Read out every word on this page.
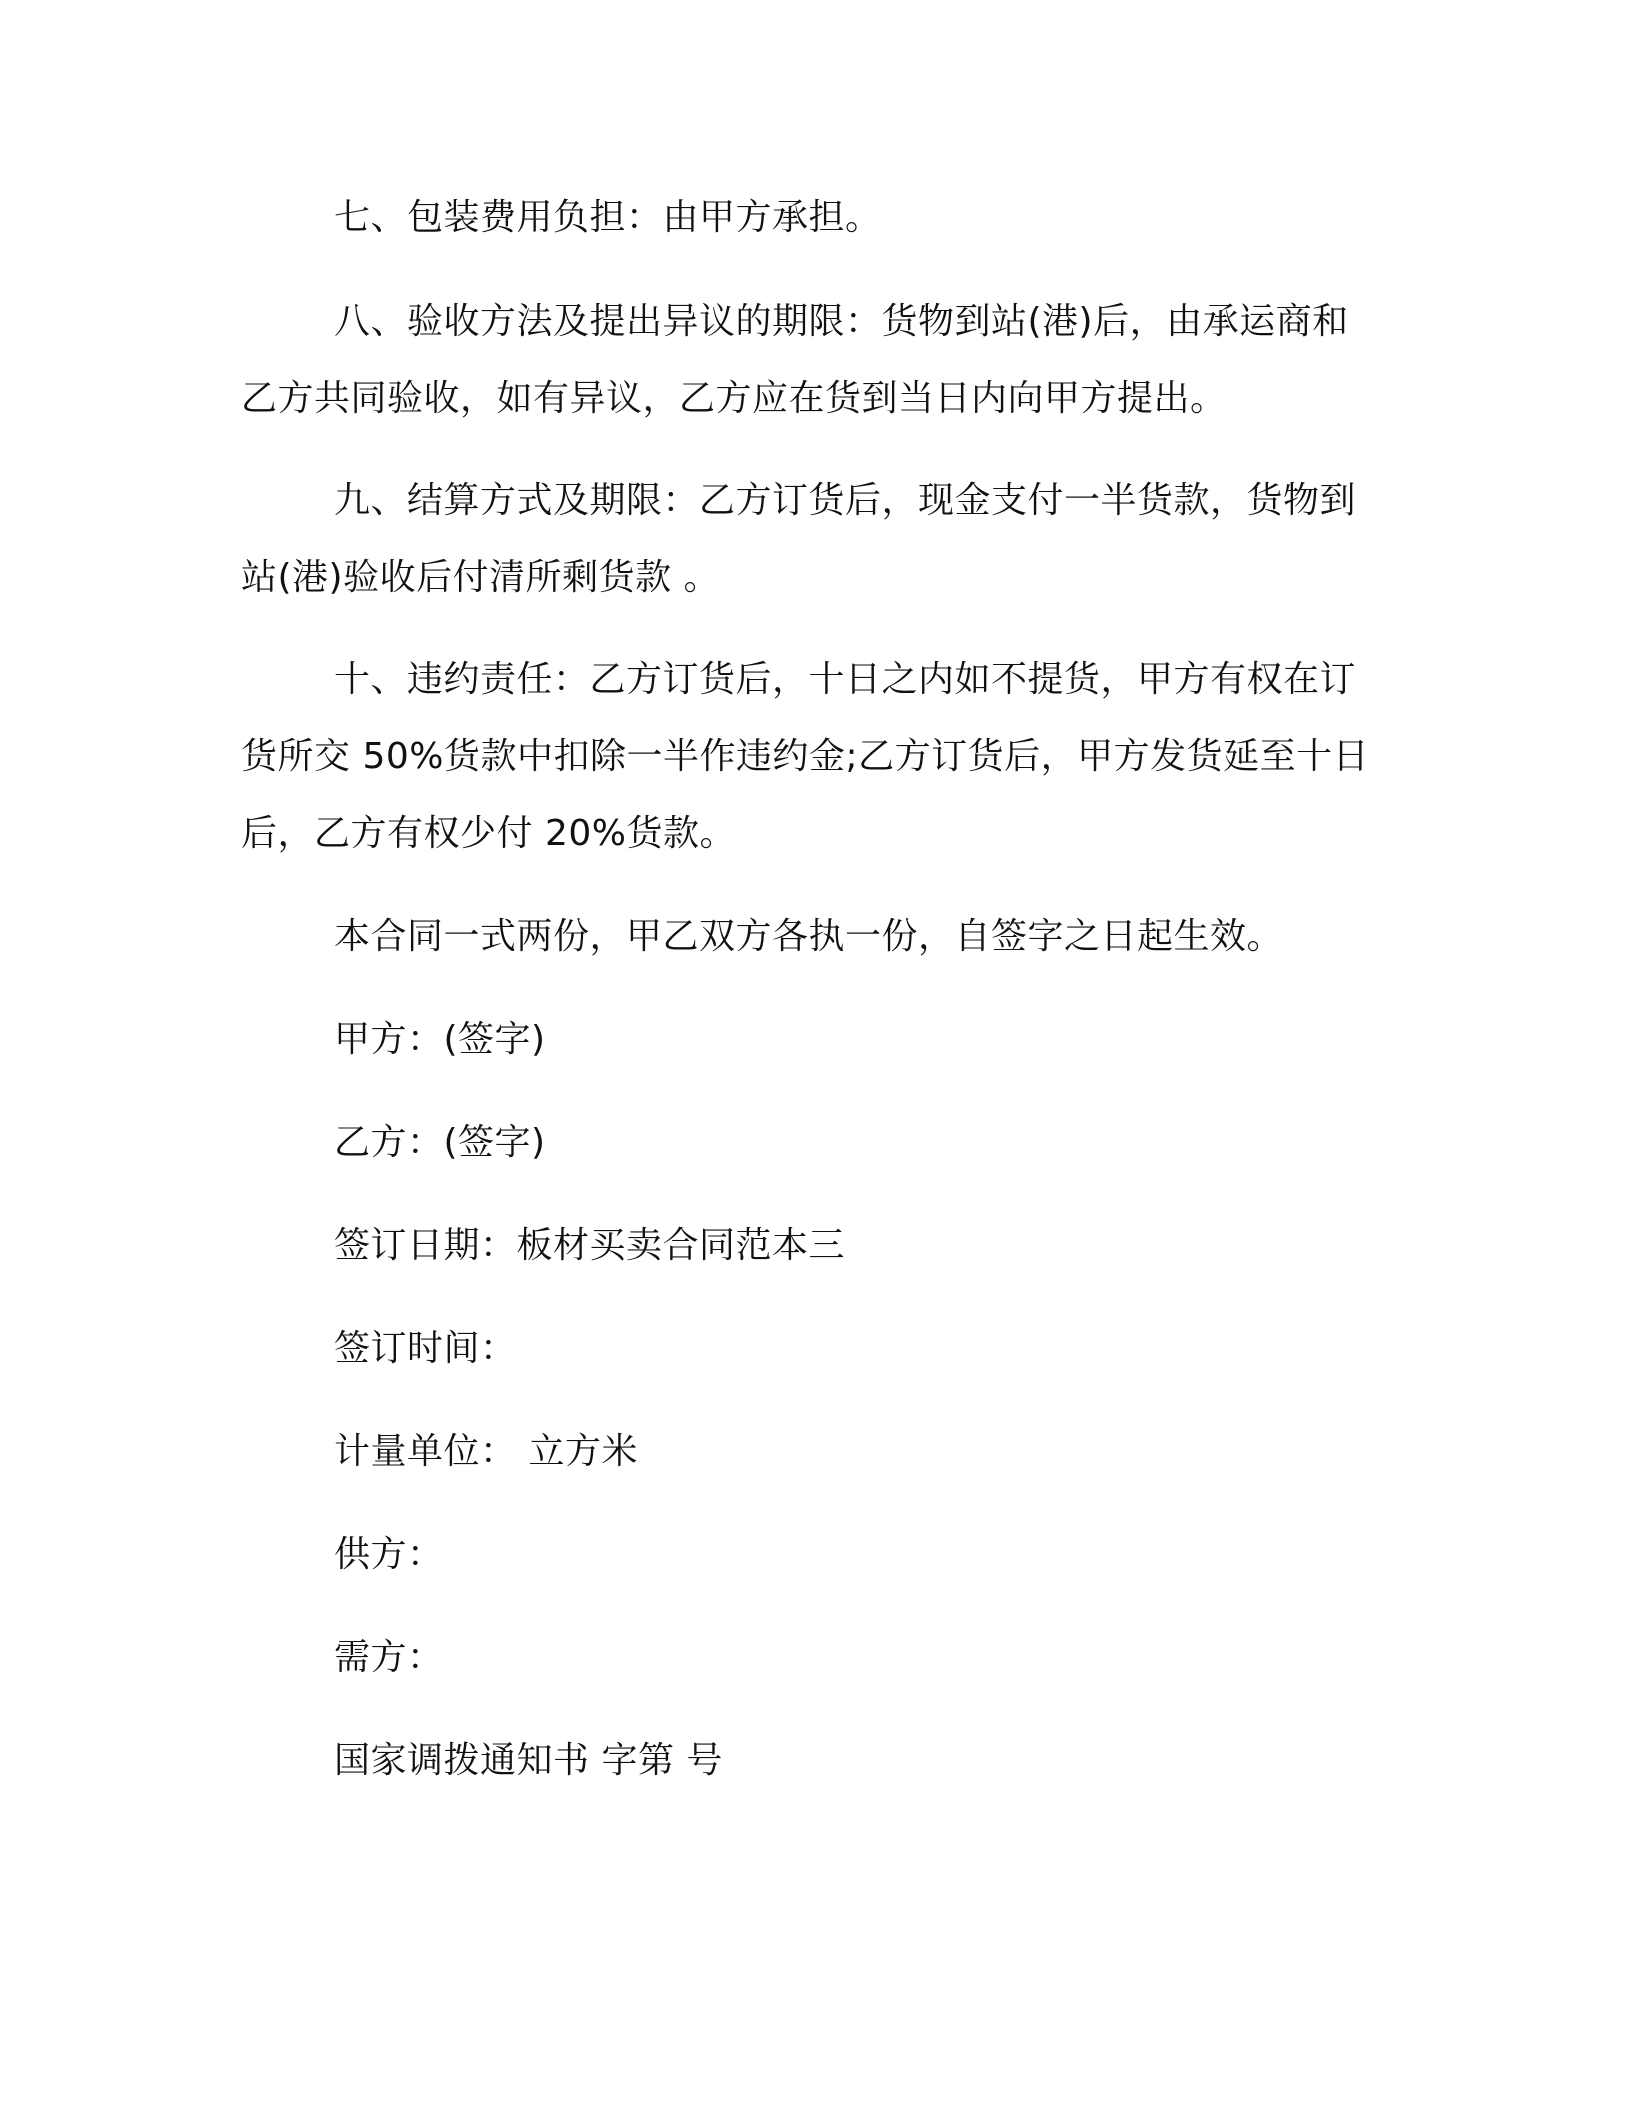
七、包装费用负担：由甲方承担。

八、验收方法及提出异议的期限：货物到站(港)后，由承运商和

乙方共同验收，如有异议，乙方应在货到当日内向甲方提出。

九、结算方式及期限：乙方订货后，现金支付一半货款，货物到

站(港)验收后付清所剩货款 。

十、违约责任：乙方订货后，十日之内如不提货，甲方有权在订

货所交 50%货款中扣除一半作违约金;乙方订货后，甲方发货延至十日

后，乙方有权少付 20%货款。

本合同一式两份，甲乙双方各执一份，自签字之日起生效。

甲方：(签字)

乙方：(签字)

签订日期：板材买卖合同范本三

签订时间：

计量单位： 立方米

供方：

需方：

国家调拨通知书 字第 号
